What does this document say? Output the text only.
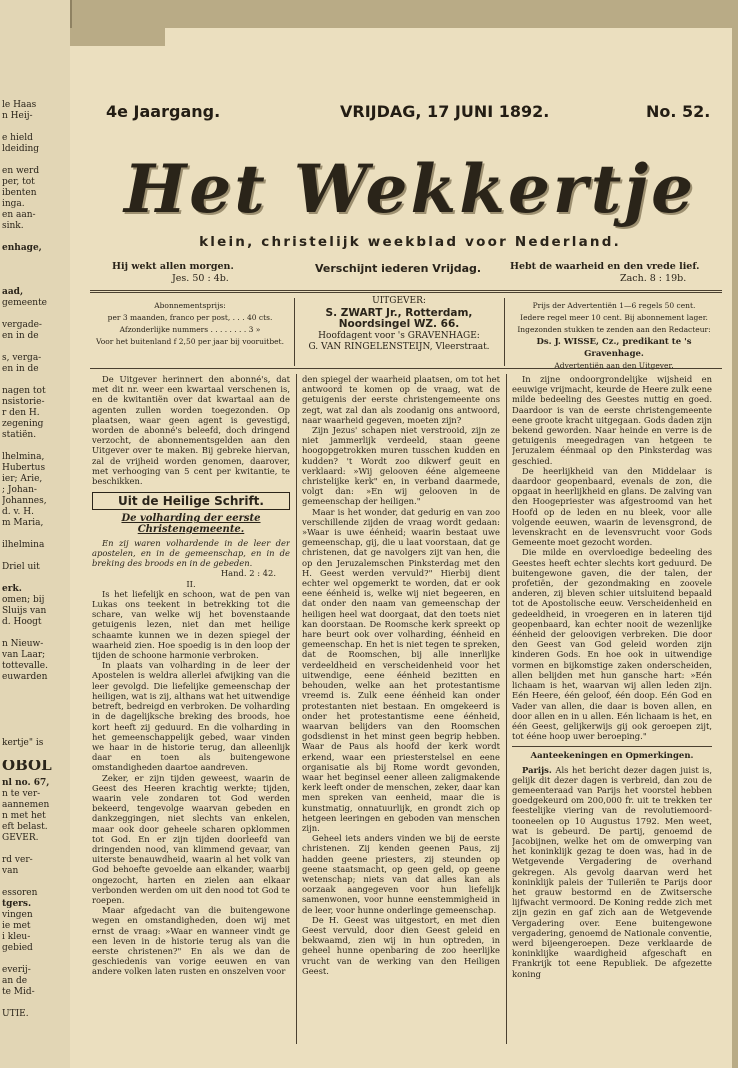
le Haas
n Heij-
e hield
ldeiding
en werd
per, tot
ibenten
inga.
en aan-
sink.
enhage,
aad,
gemeente
vergade-
en in de
s, verga-
en in de
nagen tot
nsistorie-
r den H.
zegening
statiën.
lhelmina,
Hubertus
ier; Arie,
; Johan-
Johannes,
d. v. H.
m Maria,
ilhelmina
Driel uit
erk.
omen; bij
Sluijs van
d. Hoogt
n Nieuw-
van Laar;
tottevalle.
euwarden
kertje" is
OBOL
nl no. 67,
n te ver-
aannemen
n met het
eft belast.
GEVER.
rd ver-
van
essoren
tgers.
vingen
ie met
i kleu-
gebied
everij-
an de
te Mid-
UTIE.
4e Jaargang.	VRIJDAG, 17 JUNI 1892.	No. 52.
Het Wekkertje
klein, christelijk weekblad voor Nederland.
Hij wekt allen morgen.
Jes. 50 : 4b.
Verschijnt iederen Vrijdag.	Hebt de waarheid en den vrede lief.
Zach. 8 : 19b.
Abonnementsprijs:
per 3 maanden, franco per post, . . . 40 cts.
Afzonderlijke nummers . . . . . . . . 3 »
Voor het buitenland f 2,50 per jaar bij vooruitbet.
UITGEVER:
S. ZWART Jr., Rotterdam,
Noordsingel WZ. 66.
Hoofdagent voor 's GRAVENHAGE:
G. VAN RINGELENSTEIJN, Vleerstraat.
Prijs der Advertentiën 1—6 regels 50 cent.
Iedere regel meer 10 cent. Bij abonnement lager.
Ingezonden stukken te zenden aan den Redacteur:
Ds. J. WISSE, Cz., predikant te 's Gravenhage.
Advertentiën aan den Uitgever.

De Uitgever herinnert den abonné's, dat met dit nr. weer een kwartaal verschenen is, en de kwitantiën over dat kwartaal aan de agenten zullen worden toegezonden. Op plaatsen, waar geen agent is gevestigd, worden de abonné's beleefd, doch dringend verzocht, de abonnementsgelden aan den Uitgever over te maken. Bij gebreke hiervan, zal de vrijheid worden genomen, daarover, met verhooging van 5 cent per kwitantie, te beschikken.

Uit de Heilige Schrift.
De volharding der eerste Christengemeente.

En zij waren volhardende in de leer der apostelen, en in de gemeenschap, en in de breking des broods en in de gebeden.

Hand. 2 : 42.
II.

Is het liefelijk en schoon, wat de pen van Lukas ons teekent in betrekking tot die schare, van welke wij het bovenstaande getuigenis lezen, niet dan met heilige schaamte kunnen we in dezen spiegel der waarheid zien. Hoe spoedig is in den loop der tijden de schoone harmonie verbroken.

In plaats van volharding in de leer der Apostelen is weldra allerlei afwijking van die leer gevolgd. Die liefelijke gemeenschap der heiligen, wat is zij, althans wat het uitwendige betreft, bedreigd en verbroken. De volharding in de dagelijksche breking des broods, hoe kort heeft zij geduurd. En die volharding in het gemeenschappelijk gebed, waar vinden we haar in de historie terug, dan alleenlijk daar en toen als buitengewone omstandigheden daartoe aandreven.

Zeker, er zijn tijden geweest, waarin de Geest des Heeren krachtig werkte; tijden, waarin vele zondaren tot God werden bekeerd, tengevolge waarvan gebeden en dankzeggingen, niet slechts van enkelen, maar ook door geheele scharen opklommen tot God. En er zijn tijden doorleefd van dringenden nood, van klimmend gevaar, van uiterste benauwdheid, waarin al het volk van God behoefte gevoelde aan elkander, waarbij ongezocht, harten en zielen aan elkaar verbonden werden om uit den nood tot God te roepen.

Maar afgedacht van die buitengewone wegen en omstandigheden, doen wij met ernst de vraag: »Waar en wanneer vindt ge een leven in de historie terug als van die eerste christenen?" En als we dan de geschiedenis van vorige eeuwen en van andere volken laten rusten en onszelven voor

den spiegel der waarheid plaatsen, om tot het antwoord te komen op de vraag, wat de getuigenis der eerste christengemeente ons zegt, wat zal dan als zoodanig ons antwoord, naar waarheid gegeven, moeten zijn?

Zijn Jezus' schapen niet verstrooid, zijn ze niet jammerlijk verdeeld, staan geene hoogopgetrokken muren tusschen kudden en kudden? 't Wordt zoo dikwerf geuit en verklaard: »Wij gelooven ééne algemeene christelijke kerk" en, in verband daarmede, volgt dan: »En wij gelooven in de gemeenschap der heiligen."

Maar is het wonder, dat gedurig en van zoo verschillende zijden de vraag wordt gedaan: »Waar is uwe éénheid; waarin bestaat uwe gemeenschap, gij, die u laat voorstaan, dat ge christenen, dat ge navolgers zijt van hen, die op den Jeruzalemschen Pinksterdag met den H. Geest werden vervuld?" Hierbij dient echter wel opgemerkt te worden, dat er ook eene éénheid is, welke wij niet begeeren, en dat onder den naam van gemeenschap der heiligen heel wat doorgaat, dat den toets niet kan doorstaan. De Roomsche kerk spreekt op hare beurt ook over volharding, éénheid en gemeenschap. En het is niet tegen te spreken, dat de Roomschen, bij alle innerlijke verdeeldheid en verscheidenheid voor het uitwendige, eene éénheid bezitten en behouden, welke aan het protestantisme vreemd is. Zulk eene éénheid kan onder protestanten niet bestaan. En omgekeerd is onder het protestantisme eene éénheid, waarvan belijders van den Roomschen godsdienst in het minst geen begrip hebben. Waar de Paus als hoofd der kerk wordt erkend, waar een priesterstelsel en eene organisatie als bij Rome wordt gevonden, waar het beginsel eener alleen zaligmakende kerk leeft onder de menschen, zeker, daar kan men spreken van eenheid, maar die is kunstmatig, onnatuurlijk, en grondt zich op hetgeen leeringen en geboden van menschen zijn.

Geheel iets anders vinden we bij de eerste christenen. Zij kenden geenen Paus, zij hadden geene priesters, zij steunden op geene staatsmacht, op geen geld, op geene wetenschap; niets van dat alles kan als oorzaak aangegeven voor hun liefelijk samenwonen, voor hunne eenstemmigheid in de leer, voor hunne onderlinge gemeenschap.

De H. Geest was uitgestort, en met dien Geest vervuld, door dien Geest geleid en bekwaamd, zien wij in hun optreden, in geheel hunne openbaring de zoo heerlijke vrucht van de werking van den Heiligen Geest.

In zijne ondoorgrondelijke wijsheid en eeuwige vrijmacht, keurde de Heere zulk eene milde bedeeling des Geestes nuttig en goed. Daardoor is van de eerste christengemeente eene groote kracht uitgegaan. Gods daden zijn bekend geworden. Naar heinde en verre is de getuigenis meegedragen van hetgeen te Jeruzalem éénmaal op den Pinksterdag was geschied.

De heerlijkheid van den Middelaar is daardoor geopenbaard, evenals de zon, die opgaat in heerlijkheid en glans. De zalving van den Hoogepriester was afgestroomd van het Hoofd op de leden en nu bleek, voor alle volgende eeuwen, waarin de levensgrond, de levenskracht en de levensvrucht voor Gods Gemeente moet gezocht worden.

Die milde en overvloedige bedeeling des Geestes heeft echter slechts kort geduurd. De buitengewone gaven, die der talen, der profetiën, der gezondmaking en zoovele anderen, zij bleven schier uitsluitend bepaald tot de Apostolische eeuw. Verscheidenheid en gedeeldheid, in vroegeren en in lateren tijd geopenbaard, kan echter nooit de wezenlijke éénheid der geloovigen verbreken. Die door den Geest van God geleid worden zijn kinderen Gods. En hoe ook in uitwendige vormen en bijkomstige zaken onderscheiden, allen belijden met hun gansche hart: »Eén lichaam is het, waarvan wij allen leden zijn. Eén Heere, één geloof, één doop. Eén God en Vader van allen, die daar is boven allen, en door allen en in u allen. Eén lichaam is het, en één Geest, gelijkerwijs gij ook geroepen zijt, tot ééne hoop uwer beroeping."

Aanteekeningen en Opmerkingen.

Parijs. Als het bericht dezer dagen juist is, gelijk dit dezer dagen is verbreid, dan zou de gemeenteraad van Parijs het voorstel hebben goedgekeurd om 200,000 fr. uit te trekken ter feestelijke viering van de revolutiemoord-tooneelen op 10 Augustus 1792. Men weet, wat is gebeurd. De partij, genoemd de Jacobijnen, welke het om de omwerping van het koninklijk gezag te doen was, had in de Wetgevende Vergadering de overhand gekregen. Als gevolg daarvan werd het koninklijk paleis der Tuileriën te Parijs door het grauw bestormd en de Zwitsersche lijfwacht vermoord. De Koning redde zich met zijn gezin en gaf zich aan de Wetgevende Vergadering over. Eene buitengewone vergadering, genoemd de Nationale conventie, werd bijeengeroepen. Deze verklaarde de koninklijke waardigheid afgeschaft en Frankrijk tot eene Republiek. De afgezette koning
